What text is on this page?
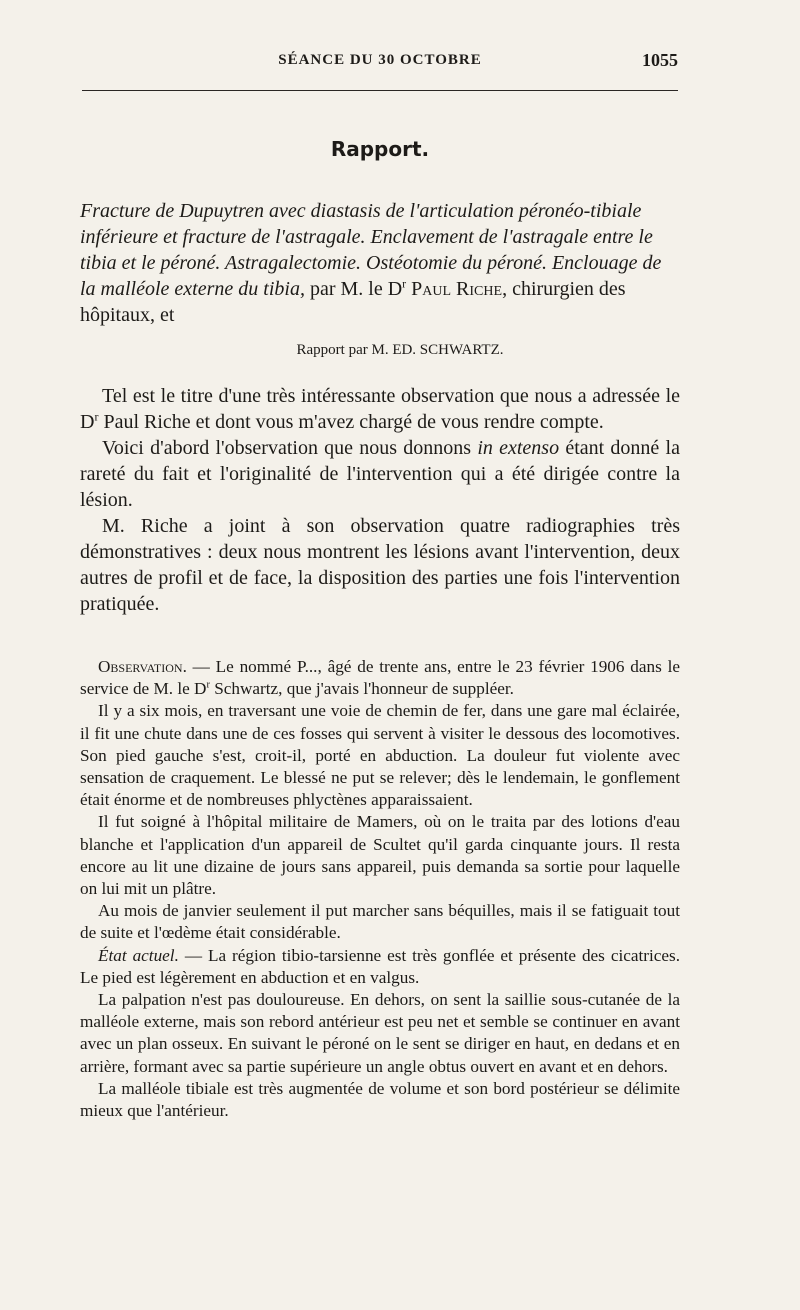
SÉANCE DU 30 OCTOBRE	1055
Rapport.

Fracture de Dupuytren avec diastasis de l'articulation péronéo-tibiale inférieure et fracture de l'astragale. Enclavement de l'astragale entre le tibia et le péroné. Astragalectomie. Ostéotomie du péroné. Enclouage de la malléole externe du tibia, par M. le $D^r$ Paul Riche, chirurgien des hôpitaux, et

Rapport par M. ED. SCHWARTZ.

Tel est le titre d'une très intéressante observation que nous a adressée le $D^r$ Paul Riche et dont vous m'avez chargé de vous rendre compte.

Voici d'abord l'observation que nous donnons in extenso étant donné la rareté du fait et l'originalité de l'intervention qui a été dirigée contre la lésion.

M. Riche a joint à son observation quatre radiographies très démonstratives : deux nous montrent les lésions avant l'intervention, deux autres de profil et de face, la disposition des parties une fois l'intervention pratiquée.

Observation. — Le nommé P..., âgé de trente ans, entre le 23 février 1906 dans le service de M. le $D^r$ Schwartz, que j'avais l'honneur de suppléer.

Il y a six mois, en traversant une voie de chemin de fer, dans une gare mal éclairée, il fit une chute dans une de ces fosses qui servent à visiter le dessous des locomotives. Son pied gauche s'est, croit-il, porté en abduction. La douleur fut violente avec sensation de craquement. Le blessé ne put se relever; dès le lendemain, le gonflement était énorme et de nombreuses phlyctènes apparaissaient.

Il fut soigné à l'hôpital militaire de Mamers, où on le traita par des lotions d'eau blanche et l'application d'un appareil de Scultet qu'il garda cinquante jours. Il resta encore au lit une dizaine de jours sans appareil, puis demanda sa sortie pour laquelle on lui mit un plâtre.

Au mois de janvier seulement il put marcher sans béquilles, mais il se fatiguait tout de suite et l'œdème était considérable.

État actuel. — La région tibio-tarsienne est très gonflée et présente des cicatrices. Le pied est légèrement en abduction et en valgus.

La palpation n'est pas douloureuse. En dehors, on sent la saillie sous-cutanée de la malléole externe, mais son rebord antérieur est peu net et semble se continuer en avant avec un plan osseux. En suivant le péroné on le sent se diriger en haut, en dedans et en arrière, formant avec sa partie supérieure un angle obtus ouvert en avant et en dehors.

La malléole tibiale est très augmentée de volume et son bord postérieur se délimite mieux que l'antérieur.
